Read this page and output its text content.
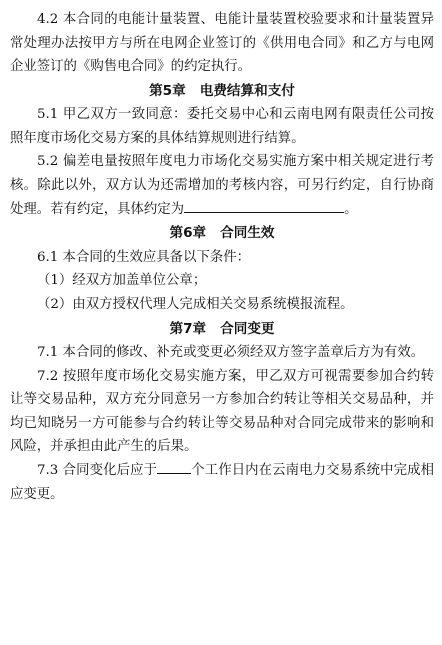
4.2 本合同的电能计量装置、电能计量装置校验要求和计量装置异常处理办法按甲方与所在电网企业签订的《供用电合同》和乙方与电网企业签订的《购售电合同》的约定执行。

第5章 电费结算和支付

5.1 甲乙双方一致同意：委托交易中心和云南电网有限责任公司按照年度市场化交易方案的具体结算规则进行结算。

5.2 偏差电量按照年度电力市场化交易实施方案中相关规定进行考核。除此以外，双方认为还需增加的考核内容，可另行约定，自行协商处理。若有约定，具体约定为	。

第6章 合同生效

6.1 本合同的生效应具备以下条件：

（1）经双方加盖单位公章；

（2）由双方授权代理人完成相关交易系统模报流程。

第7章 合同变更

7.1 本合同的修改、补充或变更必须经双方签字盖章后方为有效。

7.2 按照年度市场化交易实施方案，甲乙双方可视需要参加合约转让等交易品种，双方充分同意另一方参加合约转让等相关交易品种，并均已知晓另一方可能参与合约转让等交易品种对合同完成带来的影响和风险，并承担由此产生的后果。

7.3 合同变化后应于	个工作日内在云南电力交易系统中完成相应变更。
